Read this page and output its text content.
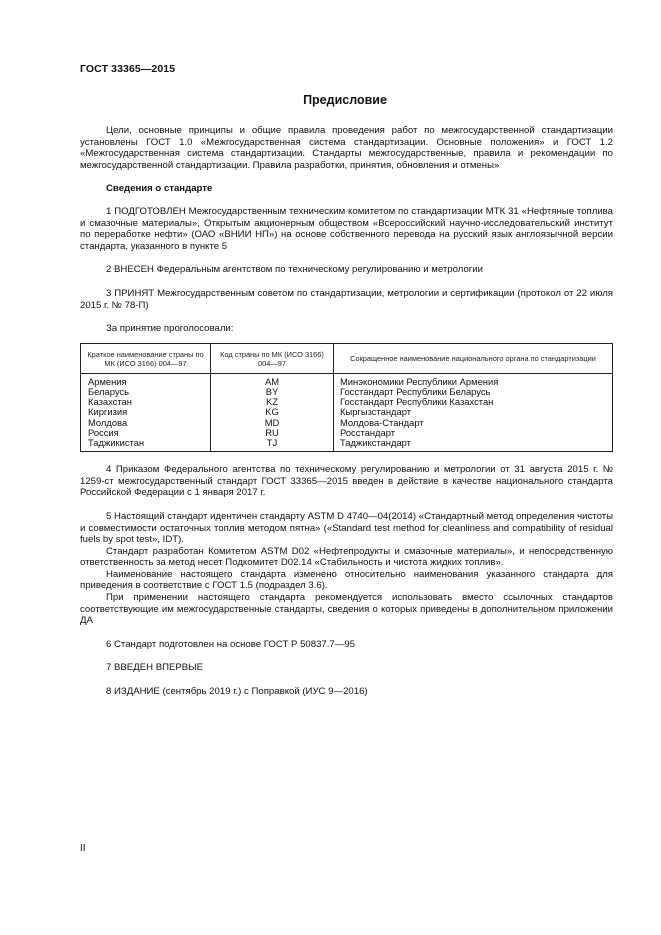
ГОСТ 33365—2015
Предисловие

Цели, основные принципы и общие правила проведения работ по межгосударственной стандартизации установлены ГОСТ 1.0 «Межгосударственная система стандартизации. Основные положения» и ГОСТ 1.2 «Межгосударственная система стандартизации. Стандарты межгосударственные, правила и рекомендации по межгосударственной стандартизации. Правила разработки, принятия, обновления и отмены»

Сведения о стандарте

1 ПОДГОТОВЛЕН Межгосударственным техническим комитетом по стандартизации МТК 31 «Нефтяные топлива и смазочные материалы», Открытым акционерным обществом «Всероссийский научно-исследовательский институт по переработке нефти» (ОАО «ВНИИ НП») на основе собственного перевода на русский язык англоязычной версии стандарта, указанного в пункте 5

2 ВНЕСЕН Федеральным агентством по техническому регулированию и метрологии

3 ПРИНЯТ Межгосударственным советом по стандартизации, метрологии и сертификации (протокол от 22 июля 2015 г. № 78-П)

За принятие проголосовали:

Краткое наименование страны по МК (ИСО 3166) 004—97	Код страны по МК (ИСО 3166) 004—97	Сокращенное наименование национального органа по стандартизации
Армения	AM	Минэкономики Республики Армения
Беларусь	BY	Госстандарт Республики Беларусь
Казахстан	KZ	Госстандарт Республики Казахстан
Киргизия	KG	Кыргызстандарт
Молдова	MD	Молдова-Стандарт
Россия	RU	Росстандарт
Таджикистан	TJ	Таджикстандарт

4 Приказом Федерального агентства по техническому регулированию и метрологии от 31 августа 2015 г. № 1259-ст межгосударственный стандарт ГОСТ 33365—2015 введен в действие в качестве национального стандарта Российской Федерации с 1 января 2017 г.

5 Настоящий стандарт идентичен стандарту ASTM D 4740—04(2014) «Стандартный метод определения чистоты и совместимости остаточных топлив методом пятна» («Standard test method for cleanliness and compatibility of residual fuels by spot test», IDT).

Стандарт разработан Комитетом ASTM D02 «Нефтепродукты и смазочные материалы», и непосредственную ответственность за метод несет Подкомитет D02.14 «Стабильность и чистота жидких топлив».

Наименование настоящего стандарта изменено относительно наименования указанного стандарта для приведения в соответствие с ГОСТ 1.5 (подраздел 3.6).

При применении настоящего стандарта рекомендуется использовать вместо ссылочных стандартов соответствующие им межгосударственные стандарты, сведения о которых приведены в дополнительном приложении ДА

6 Стандарт подготовлен на основе ГОСТ Р 50837.7—95

7 ВВЕДЕН ВПЕРВЫЕ

8 ИЗДАНИЕ (сентябрь 2019 г.) с Поправкой (ИУС 9—2016)

II
